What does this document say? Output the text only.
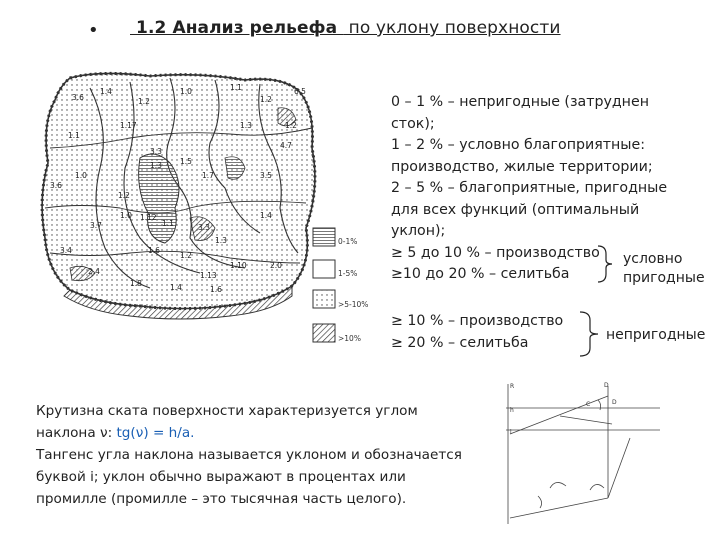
• 1.2 Анализ рельефа  по уклону поверхности
3.6
1.4
1.2
1.0	1.1
1.2
3.3
1.3 1.5
1.7
1.1
1.0
1.2
1.0 1.12
1.1	3.3
1.3
3.4	1.6
1.2
1.13
1.10
3.5
1.4
2.4
1.8	1.4	1.6
2.0
3.7
4.7
1.2
1.3
1.17
3.6
6.5
0-1%
1-5%
>5-10%
>10%
0 – 1 % – непригодные (затруднен
сток);
1 – 2 % – условно благоприятные:
производство, жилые территории;
2 – 5 % – благоприятные, пригодные
для всех функций (оптимальный
уклон);
≥ 5 до 10 % – производство
≥10 до 20 % – селитьба
условно
пригодные
≥ 10 % – производство
≥ 20 % – селитьба	непригодные
Крутизна ската поверхности характеризуется углом
наклона ν: tg(ν) = h/a.
Тангенс угла наклона называется уклоном и обозначается
буквой i; уклон обычно выражают в процентах или
промилле (промилле – это тысячная часть целого).
R
h
l
D
C	D
